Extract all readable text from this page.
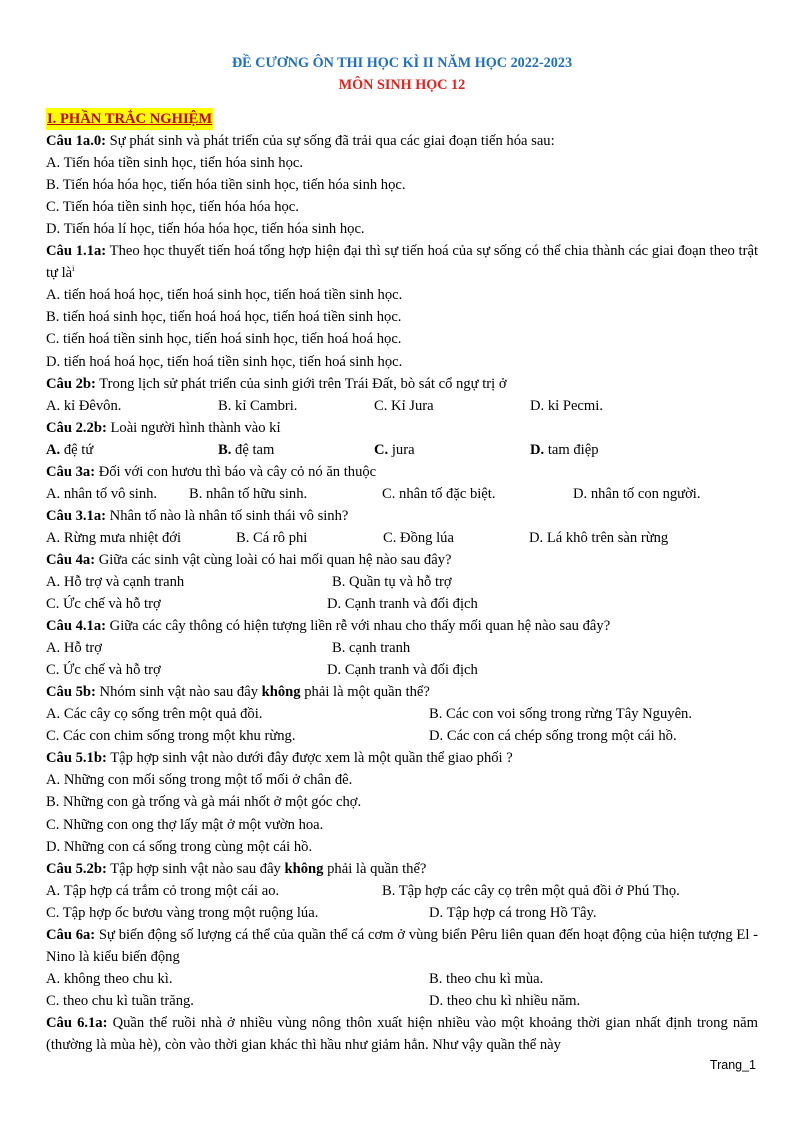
ĐỀ CƯƠNG ÔN THI HỌC KÌ II NĂM HỌC 2022-2023
MÔN SINH HỌC 12
I. PHẦN TRẮC NGHIỆM
Câu 1a.0: Sự phát sinh và phát triển của sự sống đã trải qua các giai đoạn tiến hóa sau:
A. Tiến hóa tiền sinh học, tiến hóa sinh học.
B. Tiến hóa hóa học, tiến hóa tiền sinh học, tiến hóa sinh học.
C. Tiến hóa tiền sinh học, tiến hóa hóa học.
D. Tiến hóa lí học, tiến hóa hóa học, tiến hóa sinh học.
Câu 1.1a: Theo học thuyết tiến hoá tổng hợp hiện đại thì sự tiến hoá của sự sống có thể chia thành các giai đoạn theo trật tự $là^i$
A. tiến hoá hoá học, tiến hoá sinh học, tiến hoá tiền sinh học.
B. tiến hoá sinh học, tiến hoá hoá học, tiến hoá tiền sinh học.
C. tiến hoá tiền sinh học, tiến hoá sinh học, tiến hoá hoá học.
D. tiến hoá hoá học, tiến hoá tiền sinh học, tiến hoá sinh học.
Câu 2b: Trong lịch sử phát triển của sinh giới trên Trái Đất, bò sát cổ ngự trị ở
A. kỉ Đêvôn.	B. kỉ Cambri.	C. Kỉ Jura	D. kỉ Pecmi.
Câu 2.2b: Loài người hình thành vào kỉ
A. đệ tứ	B. đệ tam	C. jura	D. tam điệp
Câu 3a: Đối với con hươu thì báo và cây cỏ nó ăn thuộc
A. nhân tố vô sinh.	B. nhân tố hữu sinh.	C. nhân tố đặc biệt.	D. nhân tố con người.
Câu 3.1a: Nhân tố nào là nhân tố sinh thái vô sinh?
A. Rừng mưa nhiệt đới	B. Cá rô phi	C. Đồng lúa	D. Lá khô trên sàn rừng
Câu 4a: Giữa các sinh vật cùng loài có hai mối quan hệ nào sau đây?
A. Hỗ trợ và cạnh tranh	B. Quần tụ và hỗ trợ
C. Ức chế và hỗ trợ	D. Cạnh tranh và đối địch
Câu 4.1a: Giữa các cây thông có hiện tượng liền rễ với nhau cho thấy mối quan hệ nào sau đây?
A. Hỗ trợ	B. cạnh tranh
C. Ức chế và hỗ trợ	D. Cạnh tranh và đối địch
Câu 5b: Nhóm sinh vật nào sau đây không phải là một quần thể?
A. Các cây cọ sống trên một quả đồi.	B. Các con voi sống trong rừng Tây Nguyên.
C. Các con chim sống trong một khu rừng.	D. Các con cá chép sống trong một cái hồ.
Câu 5.1b: Tập hợp sinh vật nào dưới đây được xem là một quần thể giao phối ?
A. Những con mối sống trong một tổ mối ở chân đê.
B. Những con gà trống và gà mái nhốt ở một góc chợ.
C. Những con ong thợ lấy mật ở một vườn hoa.
D. Những con cá sống trong cùng một cái hồ.
Câu 5.2b: Tập hợp sinh vật nào sau đây không phải là quần thể?
A. Tập hợp cá trắm cỏ trong một cái ao.	B. Tập hợp các cây cọ trên một quả đồi ở Phú Thọ.
C. Tập hợp ốc bươu vàng trong một ruộng lúa.	D. Tập hợp cá trong Hồ Tây.
Câu 6a: Sự biến động số lượng cá thể của quần thể cá cơm ở vùng biển Pêru liên quan đến hoạt động của hiện tượng El - Nino là kiểu biến động
A. không theo chu kì.	B. theo chu kì mùa.
C. theo chu kì tuần trăng.	D. theo chu kì nhiều năm.
Câu 6.1a: Quần thể ruồi nhà ở nhiều vùng nông thôn xuất hiện nhiều vào một khoảng thời gian nhất định trong năm (thường là mùa hè), còn vào thời gian khác thì hầu như giảm hẳn. Như vậy quần thể này
Trang_1
